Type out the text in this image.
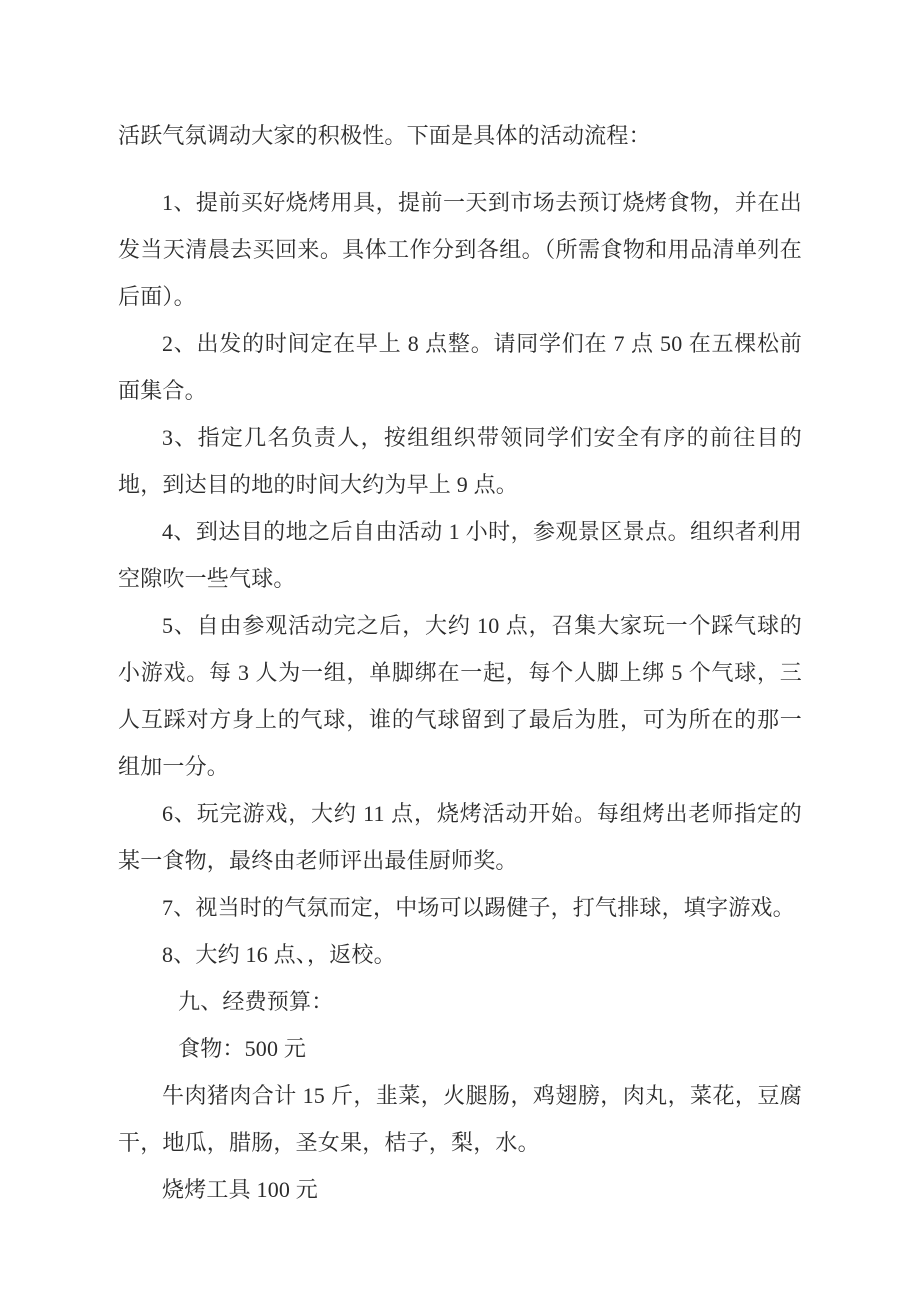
活跃气氛调动大家的积极性。下面是具体的活动流程：

1、提前买好烧烤用具，提前一天到市场去预订烧烤食物，并在出发当天清晨去买回来。具体工作分到各组。（所需食物和用品清单列在后面）。

2、出发的时间定在早上 8 点整。请同学们在 7 点 50 在五棵松前面集合。

3、指定几名负责人，按组组织带领同学们安全有序的前往目的地，到达目的地的时间大约为早上 9 点。

4、到达目的地之后自由活动 1 小时，参观景区景点。组织者利用空隙吹一些气球。

5、自由参观活动完之后，大约 10 点，召集大家玩一个踩气球的小游戏。每 3 人为一组，单脚绑在一起，每个人脚上绑 5 个气球，三人互踩对方身上的气球，谁的气球留到了最后为胜，可为所在的那一组加一分。

6、玩完游戏，大约 11 点，烧烤活动开始。每组烤出老师指定的某一食物，最终由老师评出最佳厨师奖。

7、视当时的气氛而定，中场可以踢健子，打气排球，填字游戏。

8、大约 16 点、，返校。

九、经费预算：

食物：500 元

牛肉猪肉合计 15 斤，韭菜，火腿肠，鸡翅膀，肉丸，菜花，豆腐干，地瓜，腊肠，圣女果，桔子，梨，水。

烧烤工具 100 元
